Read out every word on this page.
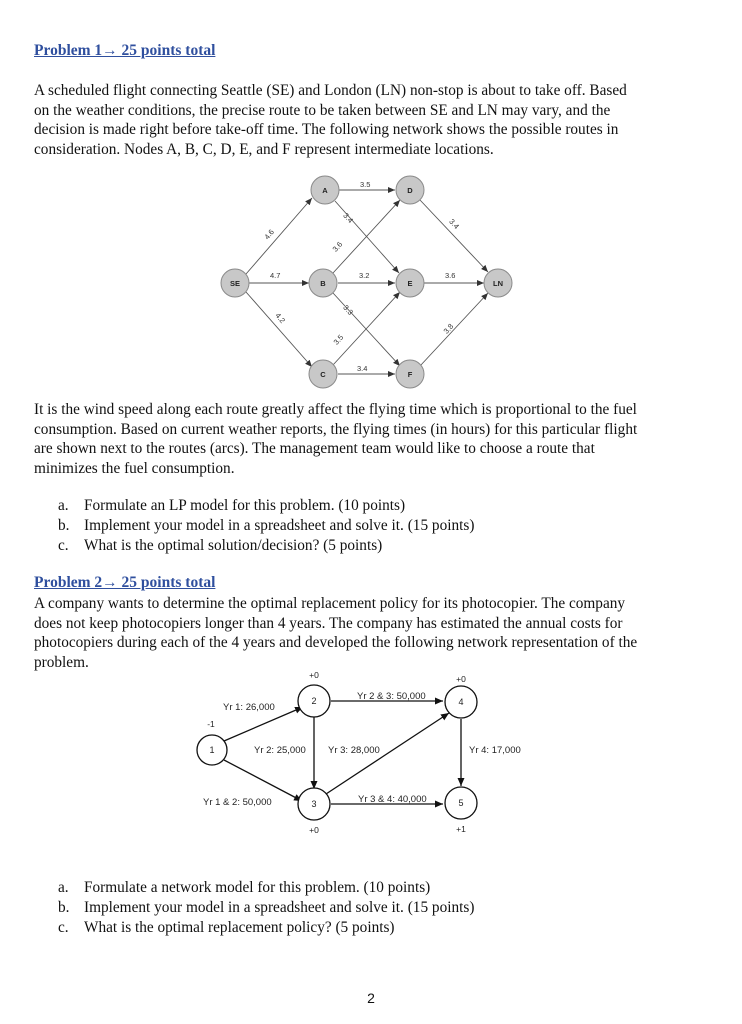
Problem 1→ 25 points total
A scheduled flight connecting Seattle (SE) and London (LN) non-stop is about to take off. Based
on the weather conditions, the precise route to be taken between SE and LN may vary, and the
decision is made right before take-off time. The following network shows the possible routes in
consideration. Nodes A, B, C, D, E, and F represent intermediate locations.
4.6
4.7
4.2
3.5
3.4
3.6
3.2
3.3
3.5
3.4
3.4
3.6
3.8
SE
A
B
C
D
E
F
LN
It is the wind speed along each route greatly affect the flying time which is proportional to the fuel
consumption. Based on current weather reports, the flying times (in hours) for this particular flight
are shown next to the routes (arcs). The management team would like to choose a route that
minimizes the fuel consumption.
a. Formulate an LP model for this problem. (10 points)
b. Implement your model in a spreadsheet and solve it. (15 points)
c. What is the optimal solution/decision? (5 points)
Problem 2→ 25 points total
A company wants to determine the optimal replacement policy for its photocopier. The company
does not keep photocopiers longer than 4 years. The company has estimated the annual costs for
photocopiers during each of the 4 years and developed the following network representation of the
problem.
Yr 1: 26,000
Yr 1 & 2: 50,000
Yr 2: 25,000
Yr 2 & 3: 50,000
Yr 3: 28,000
Yr 3 & 4: 40,000
Yr 4: 17,000
1
2
3
4
5
-1
+0
+0
+0
+1
a. Formulate a network model for this problem. (10 points)
b. Implement your model in a spreadsheet and solve it. (15 points)
c. What is the optimal replacement policy? (5 points)
2
